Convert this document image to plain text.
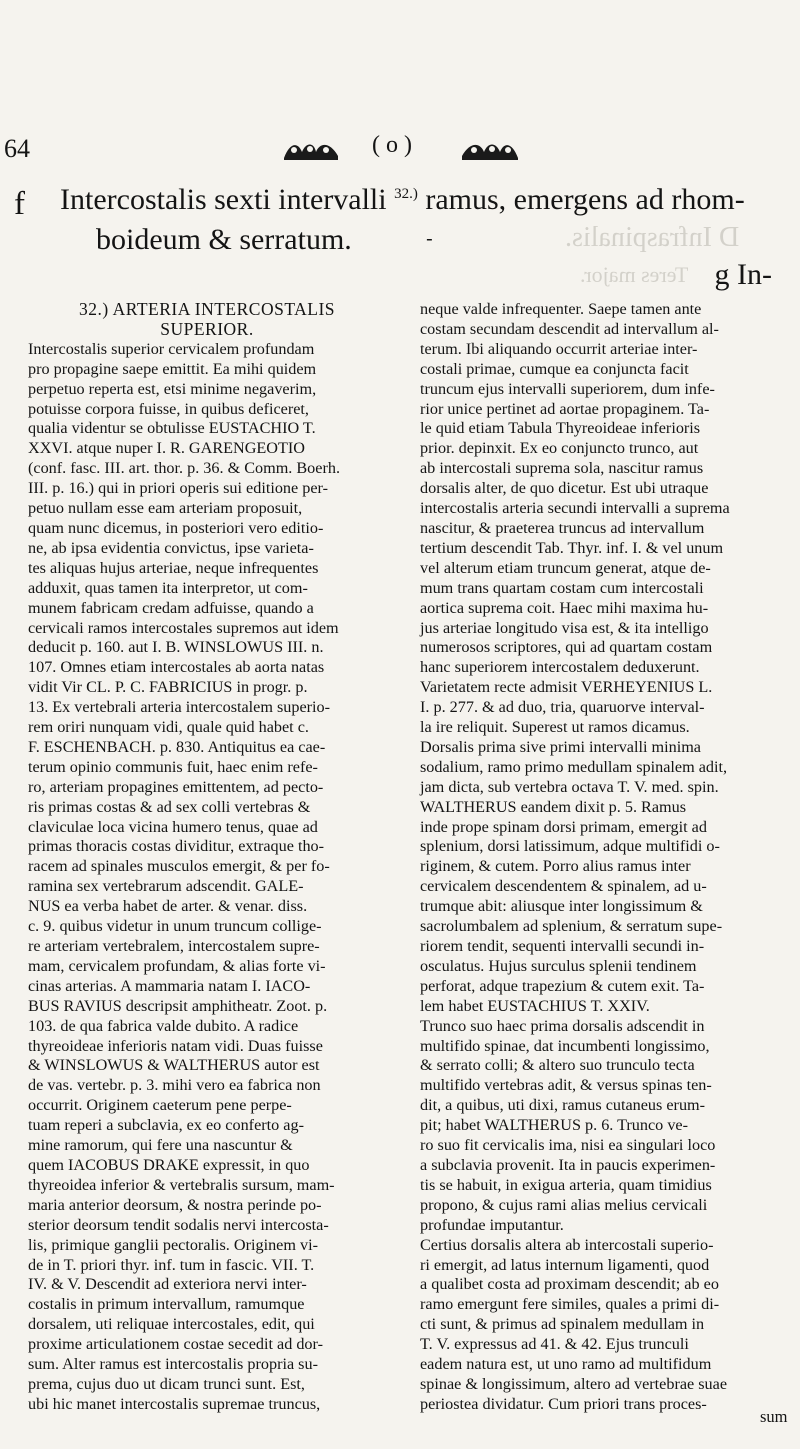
D Infraspinalis.
Teres major.
64	(o)
f Intercostalis sexti intervalli $^{32.)}$ ramus, emergens ad rhom-
boideum & serratum.	-
g In-
32.) ARTERIA INTERCOSTALIS
SUPERIOR.
Intercostalis superior cervicalem profundam
pro propagine saepe emittit. Ea mihi quidem
perpetuo reperta est, etsi minime negaverim,
potuisse corpora fuisse, in quibus deficeret,
qualia videntur se obtulisse EUSTACHIO T.
XXVI. atque nuper I. R. GARENGEOTIO
(conf. fasc. III. art. thor. p. 36. & Comm. Boerh.
III. p. 16.) qui in priori operis sui editione per-
petuo nullam esse eam arteriam proposuit,
quam nunc dicemus, in posteriori vero editio-
ne, ab ipsa evidentia convictus, ipse varieta-
tes aliquas hujus arteriae, neque infrequentes
adduxit, quas tamen ita interpretor, ut com-
munem fabricam credam adfuisse, quando a
cervicali ramos intercostales supremos aut idem
deducit p. 160. aut I. B. WINSLOWUS III. n.
107. Omnes etiam intercostales ab aorta natas
vidit Vir CL. P. C. FABRICIUS in progr. p.
13. Ex vertebrali arteria intercostalem superio-
rem oriri nunquam vidi, quale quid habet c.
F. ESCHENBACH. p. 830. Antiquitus ea cae-
terum opinio communis fuit, haec enim refe-
ro, arteriam propagines emittentem, ad pecto-
ris primas costas & ad sex colli vertebras &
claviculae loca vicina humero tenus, quae ad
primas thoracis costas dividitur, extraque tho-
racem ad spinales musculos emergit, & per fo-
ramina sex vertebrarum adscendit. GALE-
NUS ea verba habet de arter. & venar. diss.
c. 9. quibus videtur in unum truncum collige-
re arteriam vertebralem, intercostalem supre-
mam, cervicalem profundam, & alias forte vi-
cinas arterias. A mammaria natam I. IACO-
BUS RAVIUS descripsit amphitheatr. Zoot. p.
103. de qua fabrica valde dubito. A radice
thyreoideae inferioris natam vidi. Duas fuisse
& WINSLOWUS & WALTHERUS autor est
de vas. vertebr. p. 3. mihi vero ea fabrica non
occurrit. Originem caeterum pene perpe-
tuam reperi a subclavia, ex eo conferto ag-
mine ramorum, qui fere una nascuntur &
quem IACOBUS DRAKE expressit, in quo
thyreoidea inferior & vertebralis sursum, mam-
maria anterior deorsum, & nostra perinde po-
sterior deorsum tendit sodalis nervi intercosta-
lis, primique ganglii pectoralis. Originem vi-
de in T. priori thyr. inf. tum in fascic. VII. T.
IV. & V. Descendit ad exteriora nervi inter-
costalis in primum intervallum, ramumque
dorsalem, uti reliquae intercostales, edit, qui
proxime articulationem costae secedit ad dor-
sum. Alter ramus est intercostalis propria su-
prema, cujus duo ut dicam trunci sunt. Est,
ubi hic manet intercostalis supremae truncus,
neque valde infrequenter. Saepe tamen ante
costam secundam descendit ad intervallum al-
terum. Ibi aliquando occurrit arteriae inter-
costali primae, cumque ea conjuncta facit
truncum ejus intervalli superiorem, dum infe-
rior unice pertinet ad aortae propaginem. Ta-
le quid etiam Tabula Thyreoideae inferioris
prior. depinxit. Ex eo conjuncto trunco, aut
ab intercostali suprema sola, nascitur ramus
dorsalis alter, de quo dicetur. Est ubi utraque
intercostalis arteria secundi intervalli a suprema
nascitur, & praeterea truncus ad intervallum
tertium descendit Tab. Thyr. inf. I. & vel unum
vel alterum etiam truncum generat, atque de-
mum trans quartam costam cum intercostali
aortica suprema coit. Haec mihi maxima hu-
jus arteriae longitudo visa est, & ita intelligo
numerosos scriptores, qui ad quartam costam
hanc superiorem intercostalem deduxerunt.
Varietatem recte admisit VERHEYENIUS L.
I. p. 277. & ad duo, tria, quaruorve interval-
la ire reliquit. Superest ut ramos dicamus.
Dorsalis prima sive primi intervalli minima
sodalium, ramo primo medullam spinalem adit,
jam dicta, sub vertebra octava T. V. med. spin.
WALTHERUS eandem dixit p. 5. Ramus
inde prope spinam dorsi primam, emergit ad
splenium, dorsi latissimum, adque multifidi o-
riginem, & cutem. Porro alius ramus inter
cervicalem descendentem & spinalem, ad u-
trumque abit: aliusque inter longissimum &
sacrolumbalem ad splenium, & serratum supe-
riorem tendit, sequenti intervalli secundi in-
osculatus. Hujus surculus splenii tendinem
perforat, adque trapezium & cutem exit. Ta-
lem habet EUSTACHIUS T. XXIV.
Trunco suo haec prima dorsalis adscendit in
multifido spinae, dat incumbenti longissimo,
& serrato colli; & altero suo trunculo tecta
multifido vertebras adit, & versus spinas ten-
dit, a quibus, uti dixi, ramus cutaneus erum-
pit; habet WALTHERUS p. 6. Trunco ve-
ro suo fit cervicalis ima, nisi ea singulari loco
a subclavia provenit. Ita in paucis experimen-
tis se habuit, in exigua arteria, quam timidius
propono, & cujus rami alias melius cervicali
profundae imputantur.
Certius dorsalis altera ab intercostali superio-
ri emergit, ad latus internum ligamenti, quod
a qualibet costa ad proximam descendit; ab eo
ramo emergunt fere similes, quales a primi di-
cti sunt, & primus ad spinalem medullam in
T. V. expressus ad 41. & 42. Ejus trunculi
eadem natura est, ut uno ramo ad multifidum
spinae & longissimum, altero ad vertebrae suae
periostea dividatur. Cum priori trans proces-
sum
